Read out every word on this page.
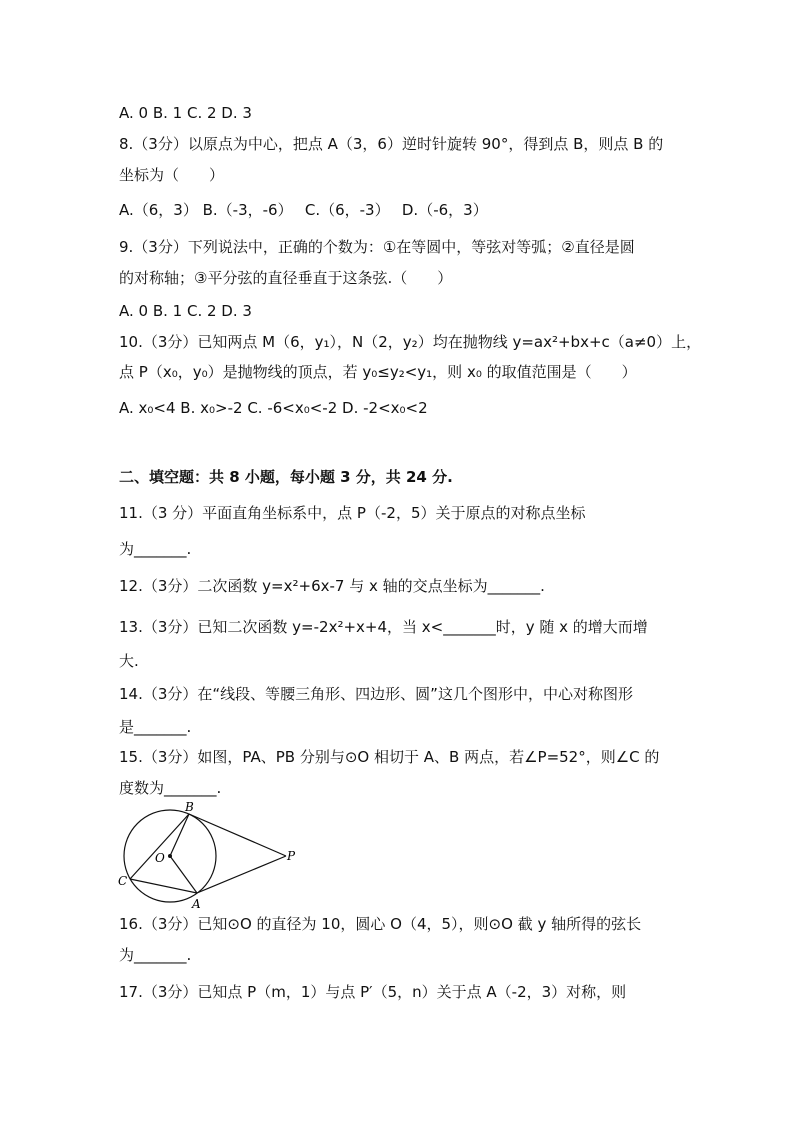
A. 0 B. 1 C. 2 D. 3
8.（3分）以原点为中心，把点 A（3，6）逆时针旋转 90°，得到点 B，则点 B 的
坐标为（　　）
A.（6，3） B.（-3，-6）　 C.（6，-3）　 D.（-6，3）
9.（3分）下列说法中，正确的个数为：①在等圆中，等弦对等弧；②直径是圆
的对称轴；③平分弦的直径垂直于这条弦.（　　）
A. 0 B. 1 C. 2 D. 3
10.（3分）已知两点 M（6，y₁），N（2，y₂）均在抛物线 y=ax²+bx+c（a≠0）上，
点 P（x₀，y₀）是抛物线的顶点，若 y₀≤y₂<y₁，则 x₀ 的取值范围是（　　）
A. x₀<4 B. x₀>-2 C. -6<x₀<-2 D. -2<x₀<2
二、填空题：共 8 小题，每小题 3 分，共 24 分.
11.（3 分）平面直角坐标系中，点 P（-2，5）关于原点的对称点坐标
为_______.
12.（3分）二次函数 y=x²+6x-7 与 x 轴的交点坐标为_______.
13.（3分）已知二次函数 y=-2x²+x+4，当 x<_______时，y 随 x 的增大而增
大.
14.（3分）在“线段、等腰三角形、四边形、圆”这几个图形中，中心对称图形
是_______.
15.（3分）如图，PA、PB 分别与⊙O 相切于 A、B 两点，若∠P=52°，则∠C 的
度数为_______.
B
O
C
A
P
16.（3分）已知⊙O 的直径为 10，圆心 O（4，5），则⊙O 截 y 轴所得的弦长
为_______.
17.（3分）已知点 P（m，1）与点 P′（5，n）关于点 A（-2，3）对称，则
